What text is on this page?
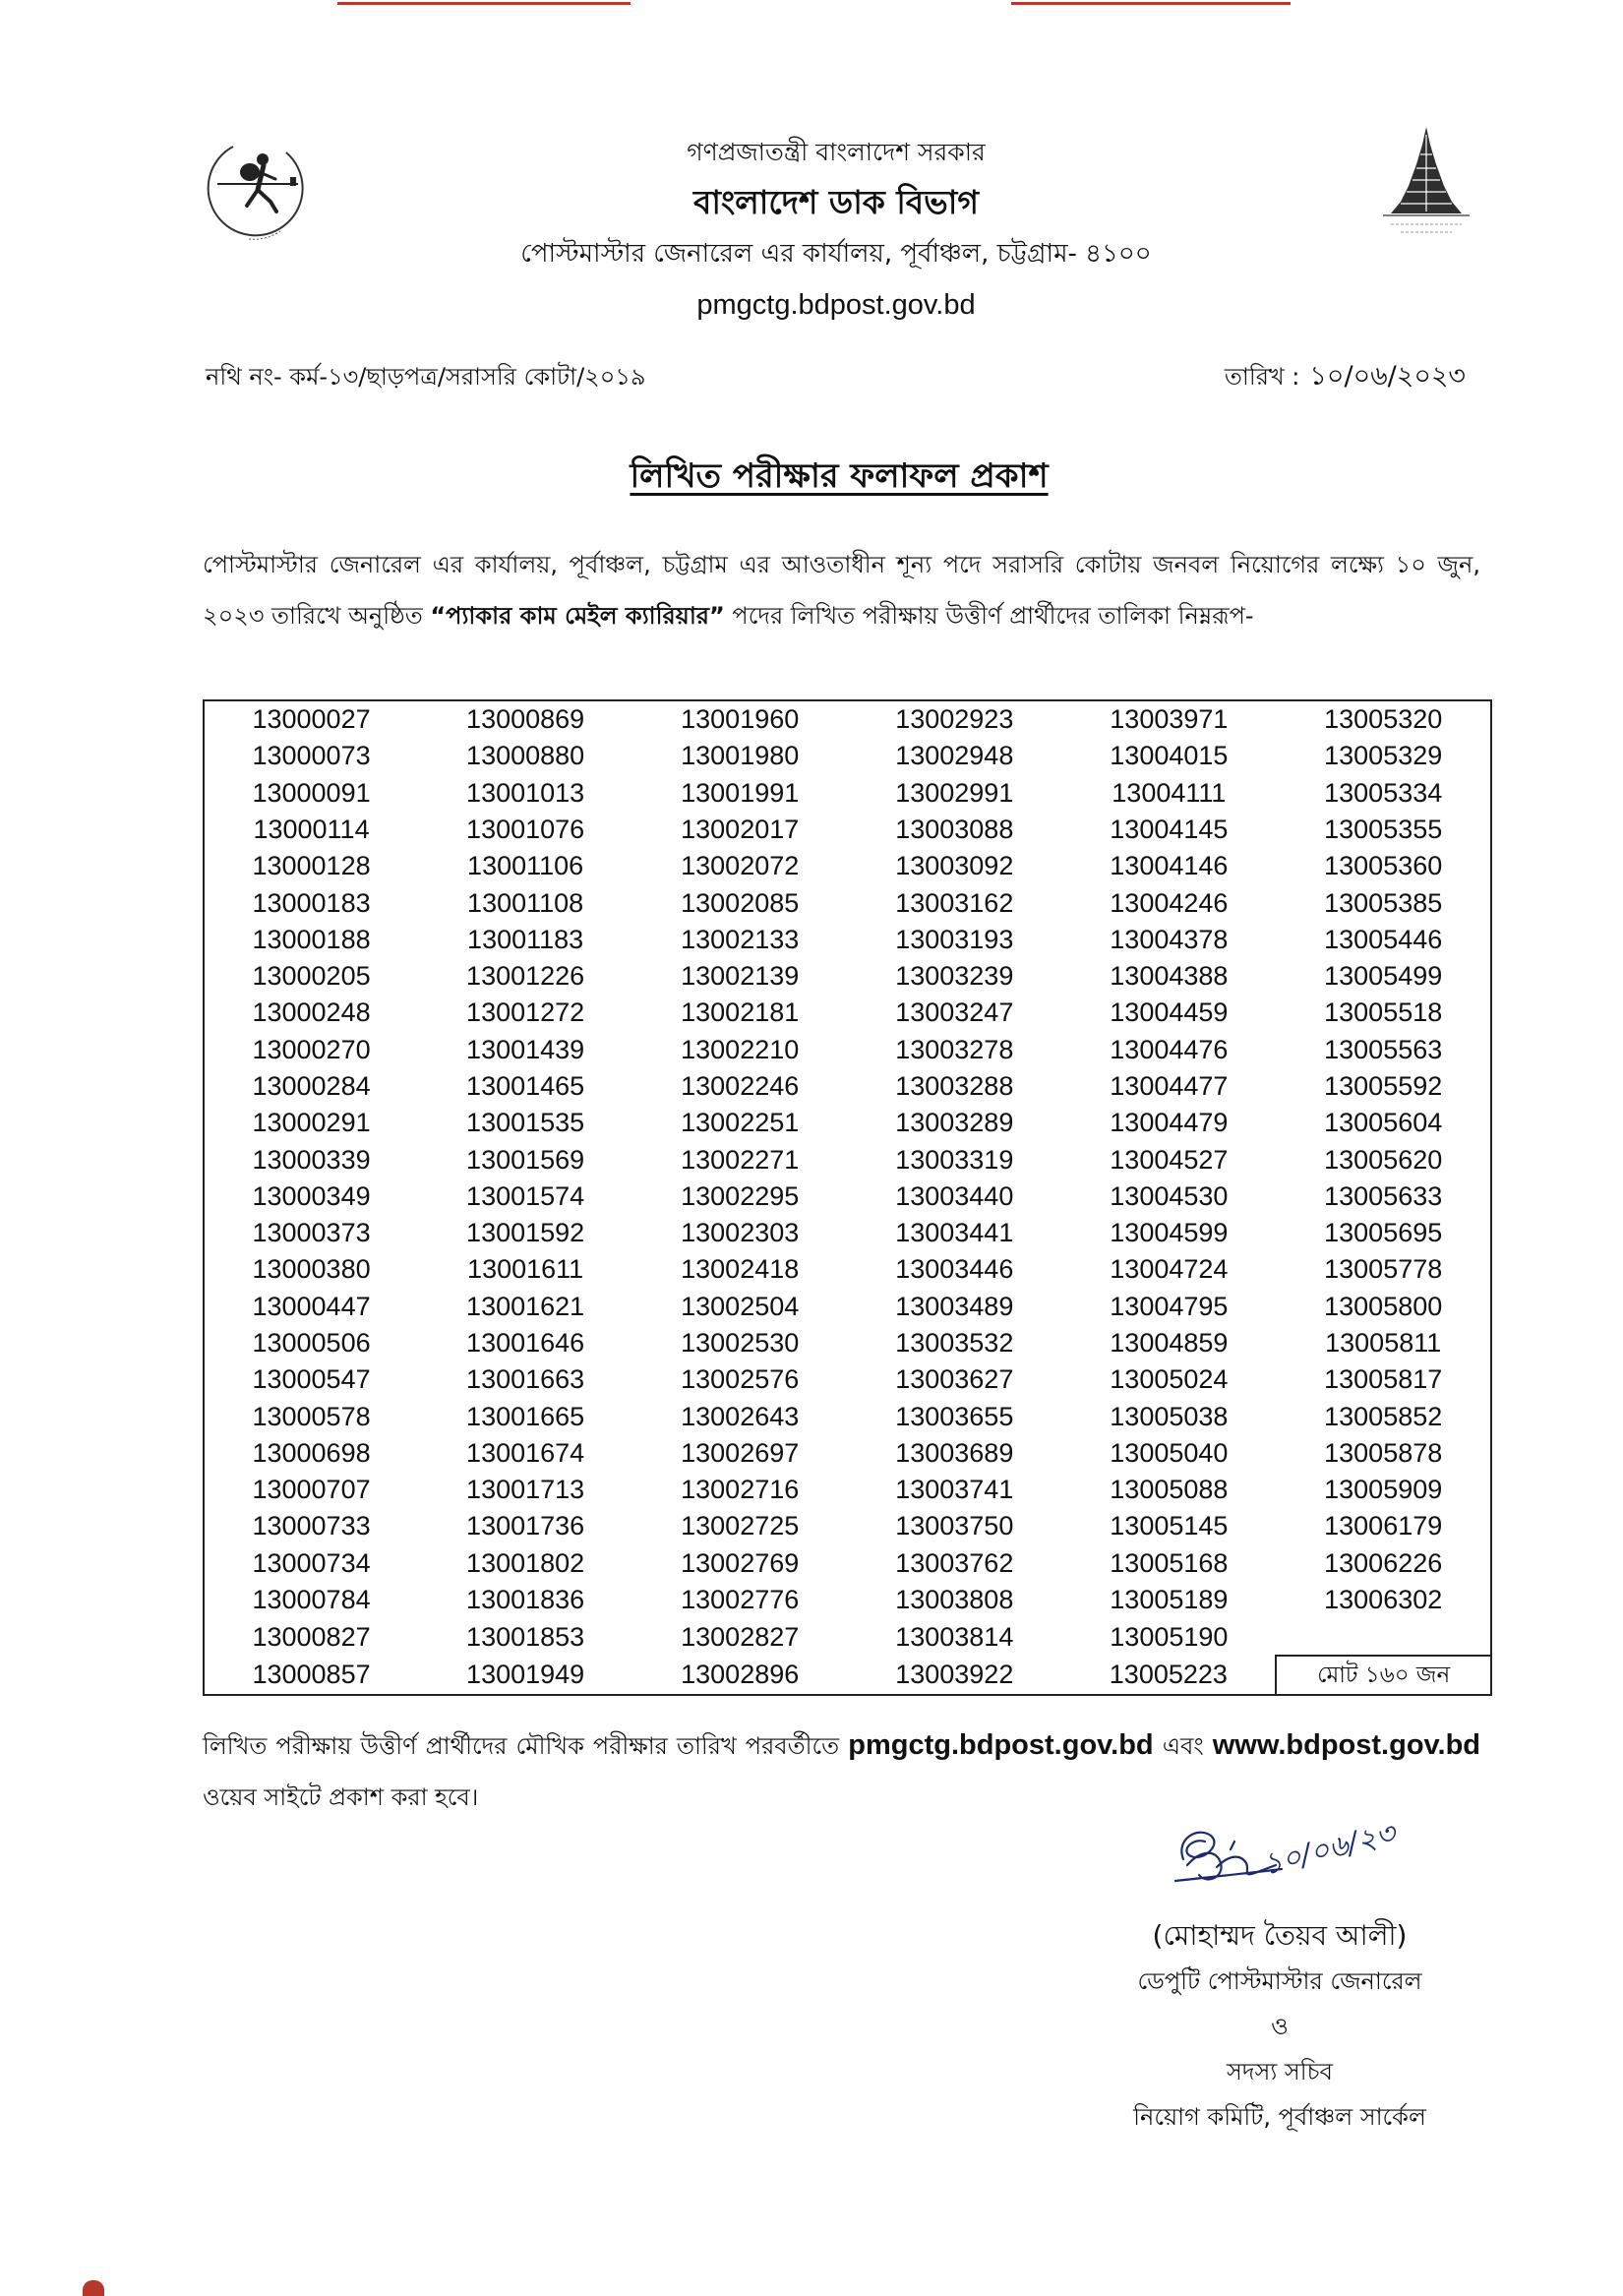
গণপ্রজাতন্ত্রী বাংলাদেশ সরকার
বাংলাদেশ ডাক বিভাগ
পোস্টমাস্টার জেনারেল এর কার্যালয়, পূর্বাঞ্চল, চট্টগ্রাম- ৪১০০
pmgctg.bdpost.gov.bd
নথি নং- কর্ম-১৩/ছাড়পত্র/সরাসরি কোটা/২০১৯	তারিখ : ১০/০৬/২০২৩
লিখিত পরীক্ষার ফলাফল প্রকাশ

পোস্টমাস্টার জেনারেল এর কার্যালয়, পূর্বাঞ্চল, চট্টগ্রাম এর আওতাধীন শূন্য পদে সরাসরি কোটায় জনবল নিয়োগের লক্ষ্যে ১০ জুন, ২০২৩ তারিখে অনুষ্ঠিত “প্যাকার কাম মেইল ক্যারিয়ার” পদের লিখিত পরীক্ষায় উত্তীর্ণ প্রার্থীদের তালিকা নিম্নরূপ-

13000027	13000869	13001960	13002923	13003971	13005320
13000073	13000880	13001980	13002948	13004015	13005329
13000091	13001013	13001991	13002991	13004111	13005334
13000114	13001076	13002017	13003088	13004145	13005355
13000128	13001106	13002072	13003092	13004146	13005360
13000183	13001108	13002085	13003162	13004246	13005385
13000188	13001183	13002133	13003193	13004378	13005446
13000205	13001226	13002139	13003239	13004388	13005499
13000248	13001272	13002181	13003247	13004459	13005518
13000270	13001439	13002210	13003278	13004476	13005563
13000284	13001465	13002246	13003288	13004477	13005592
13000291	13001535	13002251	13003289	13004479	13005604
13000339	13001569	13002271	13003319	13004527	13005620
13000349	13001574	13002295	13003440	13004530	13005633
13000373	13001592	13002303	13003441	13004599	13005695
13000380	13001611	13002418	13003446	13004724	13005778
13000447	13001621	13002504	13003489	13004795	13005800
13000506	13001646	13002530	13003532	13004859	13005811
13000547	13001663	13002576	13003627	13005024	13005817
13000578	13001665	13002643	13003655	13005038	13005852
13000698	13001674	13002697	13003689	13005040	13005878
13000707	13001713	13002716	13003741	13005088	13005909
13000733	13001736	13002725	13003750	13005145	13006179
13000734	13001802	13002769	13003762	13005168	13006226
13000784	13001836	13002776	13003808	13005189	13006302
13000827	13001853	13002827	13003814	13005190	
13000857	13001949	13002896	13003922	13005223	মোট ১৬০ জন

লিখিত পরীক্ষায় উত্তীর্ণ প্রার্থীদের মৌখিক পরীক্ষার তারিখ পরবর্তীতে pmgctg.bdpost.gov.bd এবং www.bdpost.gov.bd ওয়েব সাইটে প্রকাশ করা হবে।

১০/০৬/২৩
(মোহাম্মদ তৈয়ব আলী)
ডেপুটি পোস্টমাস্টার জেনারেল
ও
সদস্য সচিব
নিয়োগ কমিটি, পূর্বাঞ্চল সার্কেল
